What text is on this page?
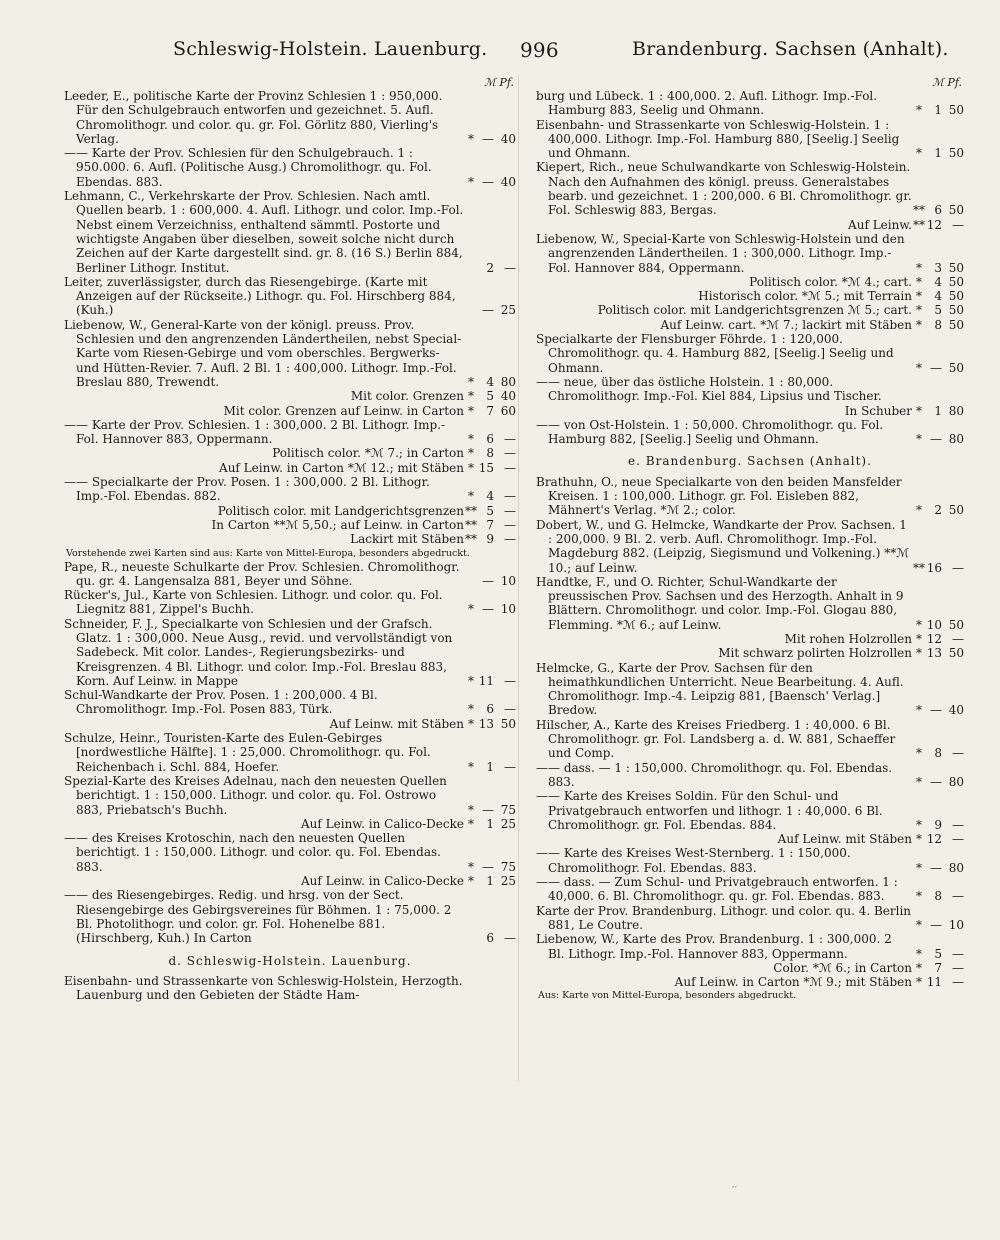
Schleswig-Holstein. Lauenburg. 996	Brandenburg. Sachsen (Anhalt).
ℳ Pf.
Leeder, E., politische Karte der Provinz Schlesien 1 : 950,000. Für den Schulgebrauch entworfen und gezeichnet. 5. Aufl. Chromolithogr. und color. qu. gr. Fol. Görlitz 880, Vierling's Verlag.	* — 40
—— Karte der Prov. Schlesien für den Schulgebrauch. 1 : 950.000. 6. Aufl. (Politische Ausg.) Chromolithogr. qu. Fol. Ebendas. 883.	* — 40
Lehmann, C., Verkehrskarte der Prov. Schlesien. Nach amtl. Quellen bearb. 1 : 600,000. 4. Aufl. Lithogr. und color. Imp.-Fol. Nebst einem Verzeichniss, enthaltend sämmtl. Postorte und wichtigste Angaben über dieselben, soweit solche nicht durch Zeichen auf der Karte dargestellt sind. gr. 8. (16 S.) Berlin 884, Berliner Lithogr. Institut.	2 —
Leiter, zuverlässigster, durch das Riesengebirge. (Karte mit Anzeigen auf der Rückseite.) Lithogr. qu. Fol. Hirschberg 884, (Kuh.)	— 25
Liebenow, W., General-Karte von der königl. preuss. Prov. Schlesien und den angrenzenden Ländertheilen, nebst Special-Karte vom Riesen-Gebirge und vom oberschles. Bergwerks- und Hütten-Revier. 7. Aufl. 2 Bl. 1 : 400,000. Lithogr. Imp.-Fol. Breslau 880, Trewendt.	*	4 80
Mit color. Grenzen *	5 40
Mit color. Grenzen auf Leinw. in Carton *	7 60
—— Karte der Prov. Schlesien. 1 : 300,000. 2 Bl. Lithogr. Imp.-Fol. Hannover 883, Oppermann.	*	6 —
Politisch color. *ℳ 7.; in Carton *	8 —
Auf Leinw. in Carton *ℳ 12.; mit Stäben * 15 —
—— Specialkarte der Prov. Posen. 1 : 300,000. 2 Bl. Lithogr. Imp.-Fol. Ebendas. 882.	*	4 —
Politisch color. mit Landgerichtsgrenzen ** 5 —
In Carton **ℳ 5,50.; auf Leinw. in Carton ** 7 —
Lackirt mit Stäben ** 9 —
Vorstehende zwei Karten sind aus: Karte von Mittel-Europa, besonders abgedruckt.
Pape, R., neueste Schulkarte der Prov. Schlesien. Chromolithogr. qu. gr. 4. Langensalza 881, Beyer und Söhne.	— 10
Rücker's, Jul., Karte von Schlesien. Lithogr. und color. qu. Fol. Liegnitz 881, Zippel's Buchh.	* — 10
Schneider, F. J., Specialkarte von Schlesien und der Grafsch. Glatz. 1 : 300,000. Neue Ausg., revid. und vervollständigt von Sadebeck. Mit color. Landes-, Regierungsbezirks- und Kreisgrenzen. 4 Bl. Lithogr. und color. Imp.-Fol. Breslau 883, Korn. Auf Leinw. in Mappe	* 11 —
Schul-Wandkarte der Prov. Posen. 1 : 200,000. 4 Bl. Chromolithogr. Imp.-Fol. Posen 883, Türk.	*	6 —
Auf Leinw. mit Stäben * 13 50
Schulze, Heinr., Touristen-Karte des Eulen-Gebirges [nordwestliche Hälfte]. 1 : 25,000. Chromolithogr. qu. Fol. Reichenbach i. Schl. 884, Hoefer.	*	1 —
Spezial-Karte des Kreises Adelnau, nach den neuesten Quellen berichtigt. 1 : 150,000. Lithogr. und color. qu. Fol. Ostrowo 883, Priebatsch's Buchh.	* — 75
Auf Leinw. in Calico-Decke *	1 25
—— des Kreises Krotoschin, nach den neuesten Quellen berichtigt. 1 : 150,000. Lithogr. und color. qu. Fol. Ebendas. 883.	* — 75
Auf Leinw. in Calico-Decke *	1 25
—— des Riesengebirges. Redig. und hrsg. von der Sect. Riesengebirge des Gebirgsvereines für Böhmen. 1 : 75,000. 2 Bl. Photolithogr. und color. gr. Fol. Hohenelbe 881. (Hirschberg, Kuh.) In Carton	6 —
d. Schleswig-Holstein. Lauenburg.
Eisenbahn- und Strassenkarte von Schleswig-Holstein, Herzogth. Lauenburg und den Gebieten der Städte Ham-
ℳ Pf.
burg und Lübeck. 1 : 400,000. 2. Aufl. Lithogr. Imp.-Fol. Hamburg 883, Seelig und Ohmann.	*	1 50
Eisenbahn- und Strassenkarte von Schleswig-Holstein. 1 : 400,000. Lithogr. Imp.-Fol. Hamburg 880, [Seelig.] Seelig und Ohmann.	*	1 50
Kiepert, Rich., neue Schulwandkarte von Schleswig-Holstein. Nach den Aufnahmen des königl. preuss. Generalstabes bearb. und gezeichnet. 1 : 200,000. 6 Bl. Chromolithogr. gr. Fol. Schleswig 883, Bergas.	** 6 50
Auf Leinw. ** 12 —
Liebenow, W., Special-Karte von Schleswig-Holstein und den angrenzenden Ländertheilen. 1 : 300,000. Lithogr. Imp.-Fol. Hannover 884, Oppermann.	*	3 50
Politisch color. *ℳ 4.; cart. *	4 50
Historisch color. *ℳ 5.; mit Terrain *	4 50
Politisch color. mit Landgerichtsgrenzen ℳ 5.; cart. *	5 50
Auf Leinw. cart. *ℳ 7.; lackirt mit Stäben *	8 50
Specialkarte der Flensburger Föhrde. 1 : 120,000. Chromolithogr. qu. 4. Hamburg 882, [Seelig.] Seelig und Ohmann.	* — 50
—— neue, über das östliche Holstein. 1 : 80,000. Chromolithogr. Imp.-Fol. Kiel 884, Lipsius und Tischer.
In Schuber *	1 80
—— von Ost-Holstein. 1 : 50,000. Chromolithogr. qu. Fol. Hamburg 882, [Seelig.] Seelig und Ohmann.	* — 80
e. Brandenburg. Sachsen (Anhalt).
Brathuhn, O., neue Specialkarte von den beiden Mansfelder Kreisen. 1 : 100,000. Lithogr. gr. Fol. Eisleben 882, Mähnert's Verlag. *ℳ 2.; color.	*	2 50
Dobert, W., und G. Helmcke, Wandkarte der Prov. Sachsen. 1 : 200,000. 9 Bl. 2. verb. Aufl. Chromolithogr. Imp.-Fol. Magdeburg 882. (Leipzig, Siegismund und Volkening.) **ℳ 10.; auf Leinw.	** 16 —
Handtke, F., und O. Richter, Schul-Wandkarte der preussischen Prov. Sachsen und des Herzogth. Anhalt in 9 Blättern. Chromolithogr. und color. Imp.-Fol. Glogau 880, Flemming. *ℳ 6.; auf Leinw.	* 10 50
Mit rohen Holzrollen * 12 —
Mit schwarz polirten Holzrollen * 13 50
Helmcke, G., Karte der Prov. Sachsen für den heimathkundlichen Unterricht. Neue Bearbeitung. 4. Aufl. Chromolithogr. Imp.-4. Leipzig 881, [Baensch' Verlag.] Bredow.	* — 40
Hilscher, A., Karte des Kreises Friedberg. 1 : 40,000. 6 Bl. Chromolithogr. gr. Fol. Landsberg a. d. W. 881, Schaeffer und Comp.	*	8 —
—— dass. — 1 : 150,000. Chromolithogr. qu. Fol. Ebendas. 883.	* — 80
—— Karte des Kreises Soldin. Für den Schul- und Privatgebrauch entworfen und lithogr. 1 : 40,000. 6 Bl. Chromolithogr. gr. Fol. Ebendas. 884.	*	9 —
Auf Leinw. mit Stäben * 12 —
—— Karte des Kreises West-Sternberg. 1 : 150,000. Chromolithogr. Fol. Ebendas. 883.	* — 80
—— dass. — Zum Schul- und Privatgebrauch entworfen. 1 : 40,000. 6. Bl. Chromolithogr. qu. gr. Fol. Ebendas. 883.	*	8 —
Karte der Prov. Brandenburg. Lithogr. und color. qu. 4. Berlin 881, Le Coutre.	* — 10
Liebenow, W., Karte des Prov. Brandenburg. 1 : 300,000. 2 Bl. Lithogr. Imp.-Fol. Hannover 883, Oppermann.	*	5 —
Color. *ℳ 6.; in Carton *	7 —
Auf Leinw. in Carton *ℳ 9.; mit Stäben * 11 —
Aus: Karte von Mittel-Europa, besonders abgedruckt.
′′
